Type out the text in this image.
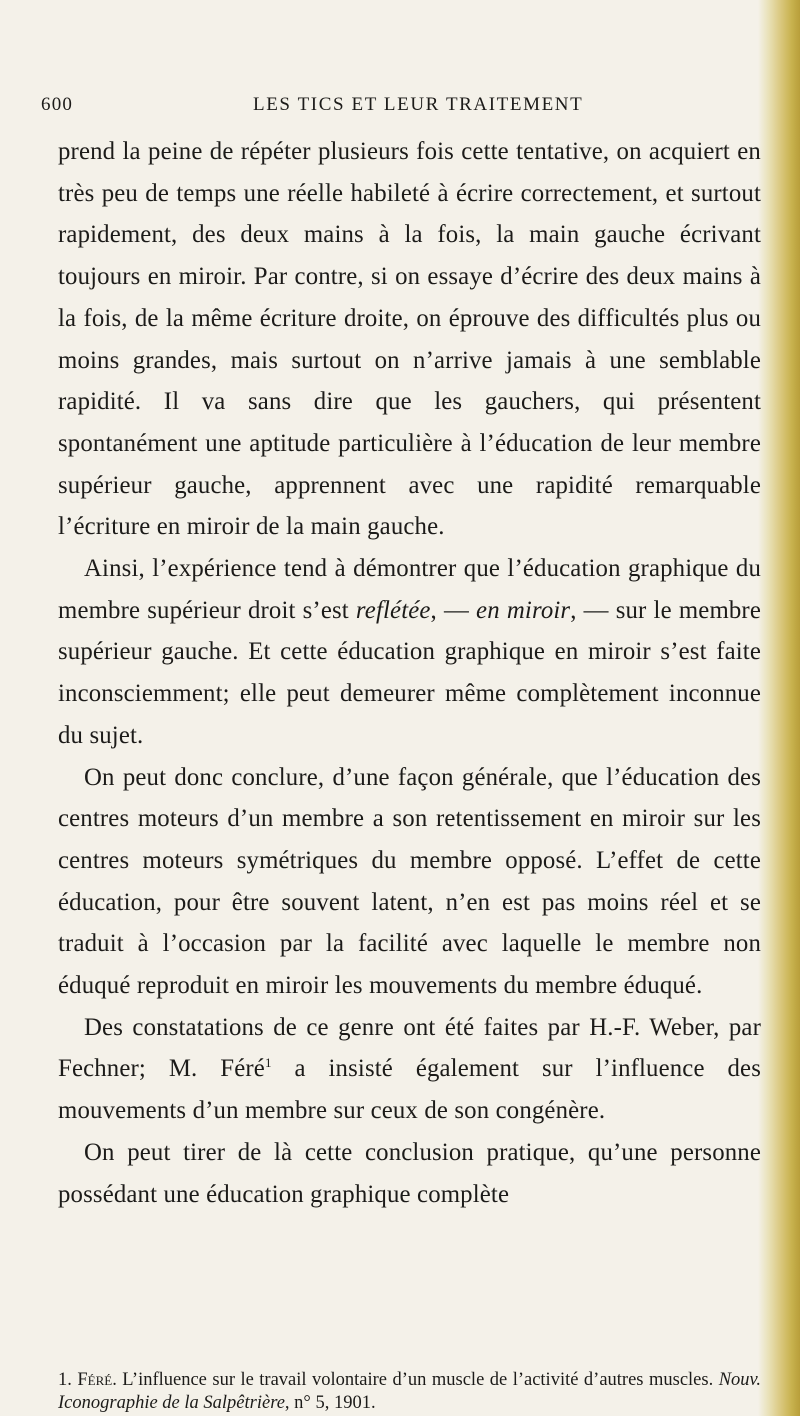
600	LES TICS ET LEUR TRAITEMENT

prend la peine de répéter plusieurs fois cette tentative, on acquiert en très peu de temps une réelle habileté à écrire correctement, et surtout rapidement, des deux mains à la fois, la main gauche écrivant toujours en miroir. Par contre, si on essaye d’écrire des deux mains à la fois, de la même écriture droite, on éprouve des difficultés plus ou moins grandes, mais surtout on n’arrive jamais à une semblable rapidité. Il va sans dire que les gauchers, qui présentent spontanément une aptitude particulière à l’éducation de leur membre supérieur gauche, apprennent avec une rapidité remarquable l’écriture en miroir de la main gauche.

Ainsi, l’expérience tend à démontrer que l’éducation graphique du membre supérieur droit s’est reflétée, — en miroir, — sur le membre supérieur gauche. Et cette éducation graphique en miroir s’est faite inconsciemment; elle peut demeurer même complètement inconnue du sujet.

On peut donc conclure, d’une façon générale, que l’éducation des centres moteurs d’un membre a son retentissement en miroir sur les centres moteurs symétriques du membre opposé. L’effet de cette éducation, pour être souvent latent, n’en est pas moins réel et se traduit à l’occasion par la facilité avec laquelle le membre non éduqué reproduit en miroir les mouvements du membre éduqué.

Des constatations de ce genre ont été faites par H.-F. Weber, par Fechner; M. Féré$^1$ a insisté également sur l’influence des mouvements d’un membre sur ceux de son congénère.

On peut tirer de là cette conclusion pratique, qu’une personne possédant une éducation graphique complète

1. Féré. L’influence sur le travail volontaire d’un muscle de l’activité d’autres muscles. Nouv. Iconographie de la Salpêtrière, n° 5, 1901.
